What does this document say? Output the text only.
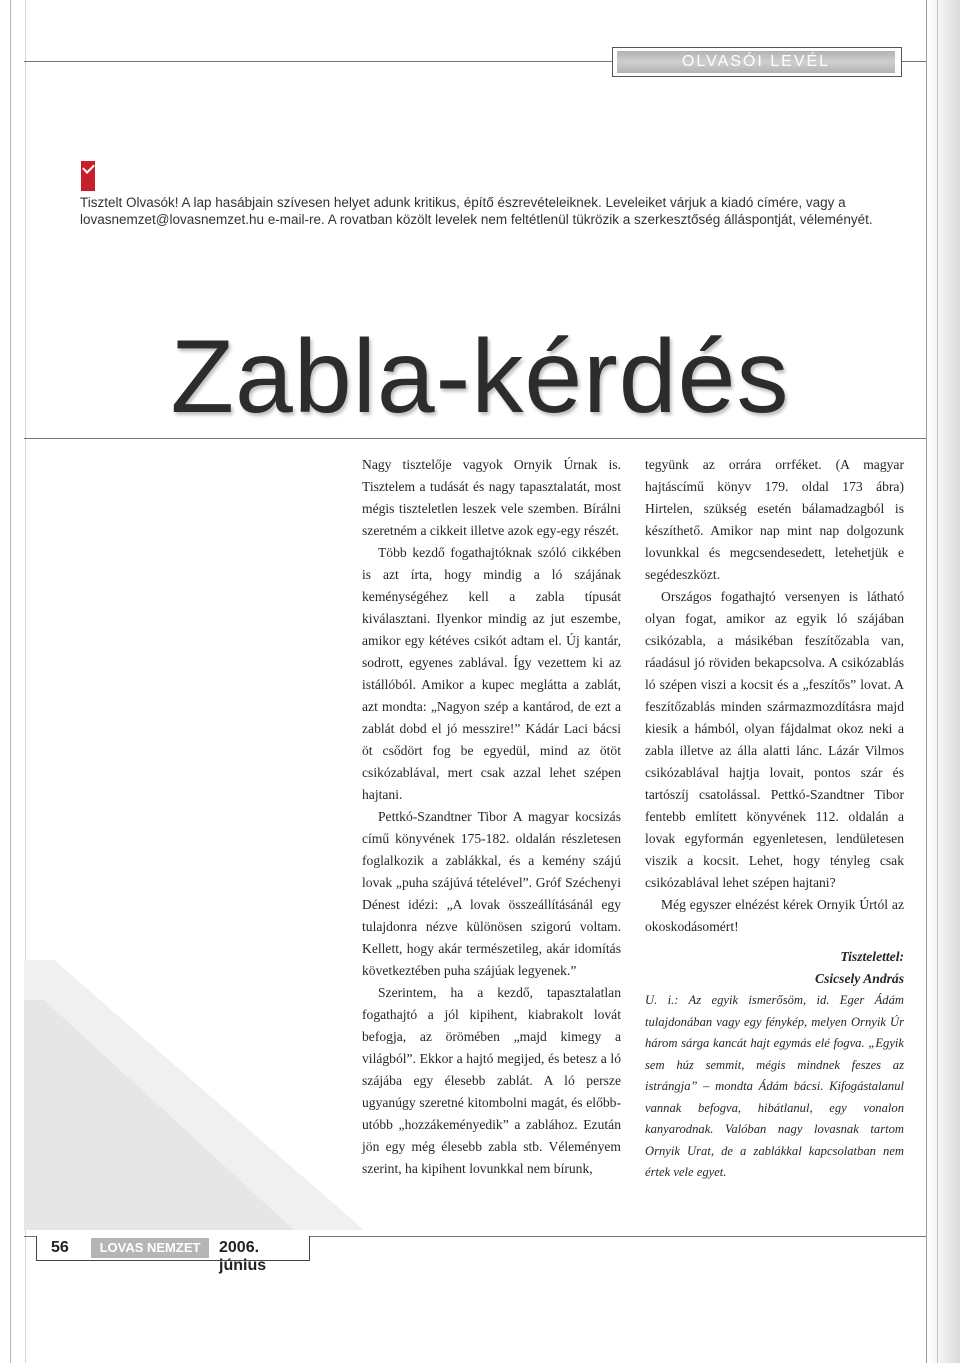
OLVASÓI LEVÉL
Tisztelt Olvasók! A lap hasábjain szívesen helyet adunk kritikus, építő észrevételeiknek. Leveleiket várjuk a kiadó címére, vagy a lovasnemzet@lovasnemzet.hu e-mail-re. A rovatban közölt levelek nem feltétlenül tükrözik a szerkesztőség álláspontját, véleményét.
Zabla-kérdés

Nagy tisztelője vagyok Ornyik Úrnak is. Tisztelem a tudását és nagy tapasztalatát, most mégis tiszteletlen leszek vele szemben. Bírálni szeretném a cikkeit illetve azok egy-egy részét.

Több kezdő fogathajtóknak szóló cikkében is azt írta, hogy mindig a ló szájának keménységéhez kell a zabla típusát kiválasztani. Ilyenkor mindig az jut eszembe, amikor egy kétéves csikót adtam el. Új kantár, sodrott, egyenes zablával. Így vezettem ki az istállóból. Amikor a kupec meglátta a zablát, azt mondta: „Nagyon szép a kantárod, de ezt a zablát dobd el jó messzire!” Kádár Laci bácsi öt csődört fog be egyedül, mind az ötöt csikózablával, mert csak azzal lehet szépen hajtani.

Pettkó-Szandtner Tibor A magyar kocsizás című könyvének 175-182. oldalán részletesen foglalkozik a zablákkal, és a kemény szájú lovak „puha szájúvá tételével”. Gróf Széchenyi Dénest idézi: „A lovak összeállításánál egy tulajdonra nézve különösen szigorú voltam. Kellett, hogy akár természetileg, akár idomítás következtében puha szájúak legyenek.”

Szerintem, ha a kezdő, tapasztalatlan fogathajtó a jól kipihent, kiabrakolt lovát befogja, az örömében „majd kimegy a világból”. Ekkor a hajtó megijed, és betesz a ló szájába egy élesebb zablát. A ló persze ugyanúgy szeretné kitombolni magát, és előbb-utóbb „hozzákeményedik” a zablához. Ezután jön egy még élesebb zabla stb. Véleményem szerint, ha kipihent lovunkkal nem bírunk,

tegyünk az orrára orrféket. (A magyar hajtáscímű könyv 179. oldal 173 ábra) Hirtelen, szükség esetén bálamadzagból is készíthető. Amikor nap mint nap dolgozunk lovunkkal és megcsendesedett, letehetjük e segédeszközt.

Országos fogathajtó versenyen is látható olyan fogat, amikor az egyik ló szájában csikózabla, a másikéban feszítőzabla van, ráadásul jó röviden bekapcsolva. A csikózablás ló szépen viszi a kocsit és a „feszítős” lovat. A feszítőzablás minden származmozdításra majd kiesik a hámból, olyan fájdalmat okoz neki a zabla illetve az álla alatti lánc. Lázár Vilmos csikózablával hajtja lovait, pontos szár és tartószíj csatolással. Pettkó-Szandtner Tibor fentebb említett könyvének 112. oldalán a lovak egyformán egyenletesen, lendületesen viszik a kocsit. Lehet, hogy tényleg csak csikózablával lehet szépen hajtani?

Még egyszer elnézést kérek Ornyik Úrtól az okoskodásomért!

Tisztelettel:

Csicsely András

U. i.: Az egyik ismerősöm, id. Eger Ádám tulajdonában vagy egy fénykép, melyen Ornyik Úr három sárga kancát hajt egymás elé fogva. „Egyik sem húz semmit, mégis mindnek feszes az istrángja” – mondta Ádám bácsi. Kifogástalanul vannak befogva, hibátlanul, egy vonalon kanyarodnak. Valóban nagy lovasnak tartom Ornyik Urat, de a zablákkal kapcsolatban nem értek vele egyet.

56	LOVAS NEMZET	2006. június
